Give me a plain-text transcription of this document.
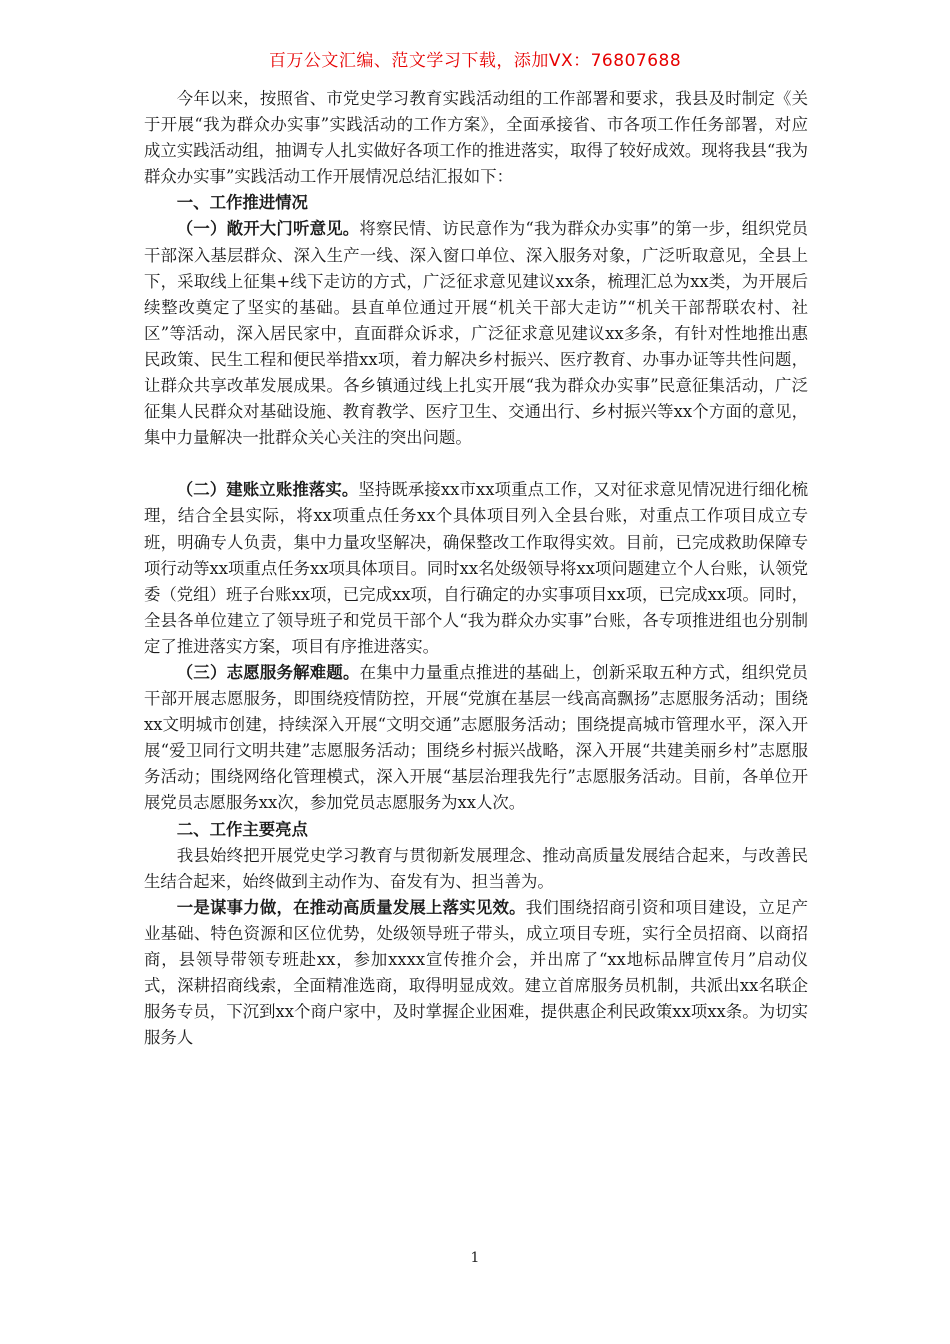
百万公文汇编、范文学习下载，添加VX：76807688

今年以来，按照省、市党史学习教育实践活动组的工作部署和要求，我县及时制定《关于开展“我为群众办实事”实践活动的工作方案》，全面承接省、市各项工作任务部署，对应成立实践活动组，抽调专人扎实做好各项工作的推进落实，取得了较好成效。现将我县“我为群众办实事”实践活动工作开展情况总结汇报如下：

一、工作推进情况

（一）敞开大门听意见。将察民情、访民意作为“我为群众办实事”的第一步，组织党员干部深入基层群众、深入生产一线、深入窗口单位、深入服务对象，广泛听取意见，全县上下，采取线上征集+线下走访的方式，广泛征求意见建议xx条，梳理汇总为xx类，为开展后续整改奠定了坚实的基础。县直单位通过开展“机关干部大走访”“机关干部帮联农村、社区”等活动，深入居民家中，直面群众诉求，广泛征求意见建议xx多条，有针对性地推出惠民政策、民生工程和便民举措xx项，着力解决乡村振兴、医疗教育、办事办证等共性问题，让群众共享改革发展成果。各乡镇通过线上扎实开展“我为群众办实事”民意征集活动，广泛征集人民群众对基础设施、教育教学、医疗卫生、交通出行、乡村振兴等xx个方面的意见，集中力量解决一批群众关心关注的突出问题。

（二）建账立账推落实。坚持既承接xx市xx项重点工作，又对征求意见情况进行细化梳理，结合全县实际，将xx项重点任务xx个具体项目列入全县台账，对重点工作项目成立专班，明确专人负责，集中力量攻坚解决，确保整改工作取得实效。目前，已完成救助保障专项行动等xx项重点任务xx项具体项目。同时xx名处级领导将xx项问题建立个人台账，认领党委（党组）班子台账xx项，已完成xx项，自行确定的办实事项目xx项，已完成xx项。同时，全县各单位建立了领导班子和党员干部个人“我为群众办实事”台账，各专项推进组也分别制定了推进落实方案，项目有序推进落实。

（三）志愿服务解难题。在集中力量重点推进的基础上，创新采取五种方式，组织党员干部开展志愿服务，即围绕疫情防控，开展“党旗在基层一线高高飘扬”志愿服务活动；围绕xx文明城市创建，持续深入开展“文明交通”志愿服务活动；围绕提高城市管理水平，深入开展“爱卫同行文明共建”志愿服务活动；围绕乡村振兴战略，深入开展“共建美丽乡村”志愿服务活动；围绕网络化管理模式，深入开展“基层治理我先行”志愿服务活动。目前，各单位开展党员志愿服务xx次，参加党员志愿服务为xx人次。

二、工作主要亮点

我县始终把开展党史学习教育与贯彻新发展理念、推动高质量发展结合起来，与改善民生结合起来，始终做到主动作为、奋发有为、担当善为。

一是谋事力做，在推动高质量发展上落实见效。我们围绕招商引资和项目建设，立足产业基础、特色资源和区位优势，处级领导班子带头，成立项目专班，实行全员招商、以商招商，县领导带领专班赴xx，参加xxxx宣传推介会，并出席了“xx地标品牌宣传月”启动仪式，深耕招商线索，全面精准选商，取得明显成效。建立首席服务员机制，共派出xx名联企服务专员，下沉到xx个商户家中，及时掌握企业困难，提供惠企利民政策xx项xx条。为切实服务人

1
